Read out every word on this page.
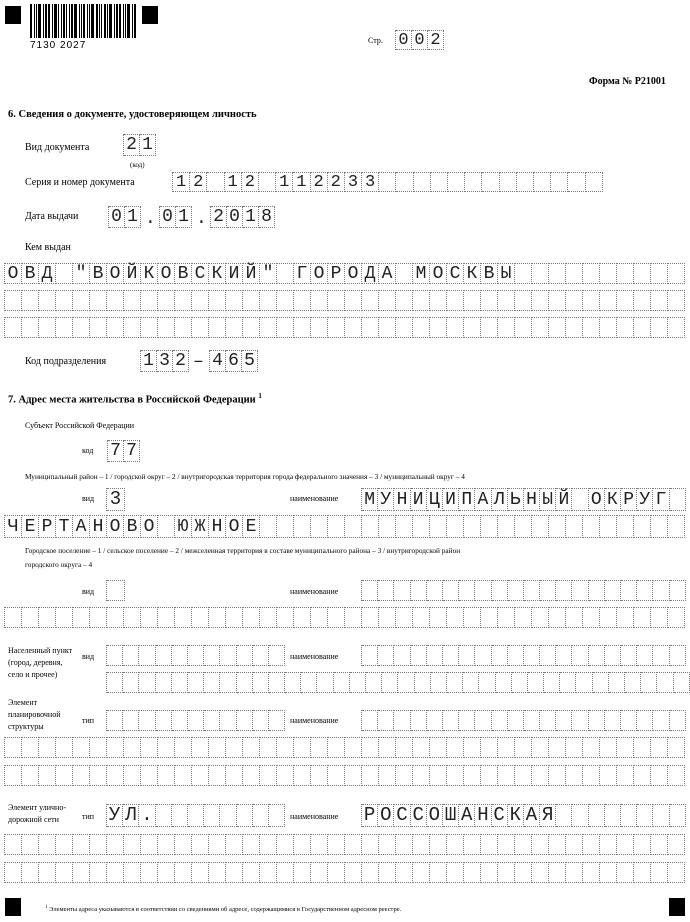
7130 2027	Стр. 0 0 2
Форма № Р21001
6. Сведения о документе, удостоверяющем личность
Вид документа 2 1
(код)
Серия и номер документа 1 2 1 2 1 1 2 2 3 3
Дата выдачи 0 1 . 0 1 . 2 0 1 8
Кем выдан
О В Д " В О Й К О В С К И Й " Г О Р О Д А М О С К В Ы
Код подразделения 1 3 2 – 4 6 5
7. Адрес места жительства в Российской Федерации $^1$
Субъект Российской Федерации
код 7 7
Муниципальный район – 1 / городской округ – 2 / внутригородская территория города федерального значения – 3 / муниципальный округ – 4
вид 3	наименование М У Н И Ц И П А Л Ь Н Ы Й О К Р У Г
Ч Е Р Т А Н О В О Ю Ж Н О Е
Городское поселение – 1 / сельское поселение – 2 / межселенная территория в составе муниципального района – 3 / внутригородской район
городского округа – 4
вид	наименование
Населенный пункт (город, деревня, село и прочее)
вид	наименование
Элемент планировочной структуры
тип	наименование
Элемент улично-дорожной сети	тип У Л .	наименование Р О С С О Ш А Н С К А Я
$^1$ Элементы адреса указываются в соответствии со сведениями об адресе, содержащимися в Государственном адресном реестре.
